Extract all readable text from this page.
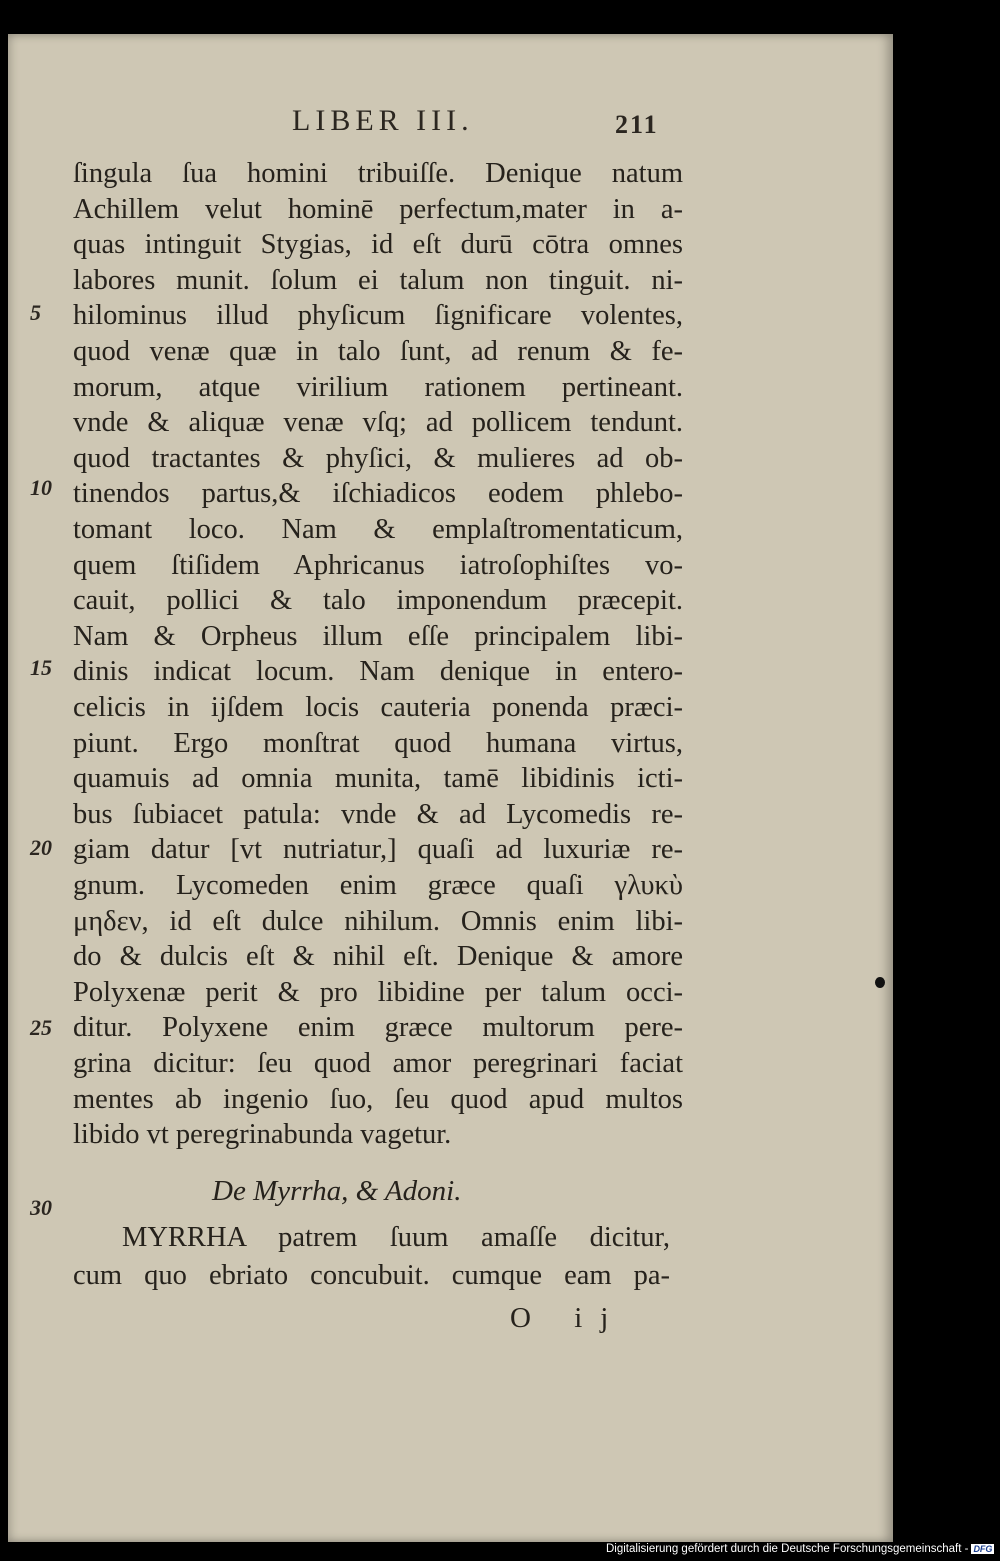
LIBER III.	211
ſingula ſua homini tribuiſſe. Denique natum
Achillem velut hominē perfectum,mater in a-
quas intinguit Stygias, id eſt durū cōtra omnes
labores munit. ſolum ei talum non tinguit. ni-
hilominus illud phyſicum ſignificare volentes,
quod venæ quæ in talo ſunt, ad renum & fe-
morum, atque virilium rationem pertineant.
vnde & aliquæ venæ vſq; ad pollicem tendunt.
quod tractantes & phyſici, & mulieres ad ob-
tinendos partus,& iſchiadicos eodem phlebo-
tomant loco. Nam & emplaſtromentaticum,
quem ſtiſidem Aphricanus iatroſophiſtes vo-
cauit, pollici & talo imponendum præcepit.
Nam & Orpheus illum eſſe principalem libi-
dinis indicat locum. Nam denique in entero-
celicis in ijſdem locis cauteria ponenda præci-
piunt. Ergo monſtrat quod humana virtus,
quamuis ad omnia munita, tamē libidinis icti-
bus ſubiacet patula: vnde & ad Lycomedis re-
giam datur [vt nutriatur,] quaſi ad luxuriæ re-
gnum. Lycomeden enim græce quaſi γλυκὺ
μηδεν, id eſt dulce nihilum. Omnis enim libi-
do & dulcis eſt & nihil eſt. Denique & amore
Polyxenæ perit & pro libidine per talum occi-
ditur. Polyxene enim græce multorum pere-
grina dicitur: ſeu quod amor peregrinari faciat
mentes ab ingenio ſuo, ſeu quod apud multos
libido vt peregrinabunda vagetur.
5
10
15
20
25
30
De Myrrha, & Adoni.
MYRRHA patrem ſuum amaſſe dicitur,
cum quo ebriato concubuit. cumque eam pa-
O ij
Digitalisierung gefördert durch die Deutsche Forschungsgemeinschaft - DFG
